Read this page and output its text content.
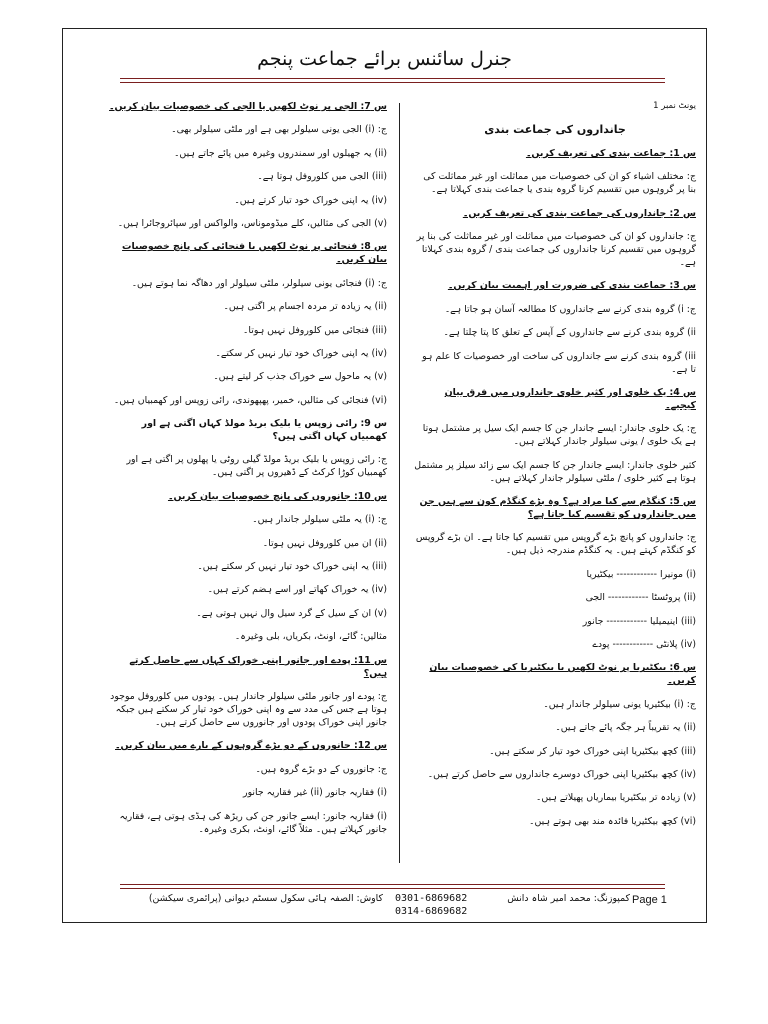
جنرل سائنس برائے جماعت پنجم

یونٹ نمبر 1

جانداروں کی جماعت بندی

س 1: جماعت بندی کی تعریف کریں۔

ج: مختلف اشیاء کو ان کی خصوصیات میں مماثلت اور غیر مماثلت کی بنا پر گروہوں میں تقسیم کرنا گروہ بندی یا جماعت بندی کہلاتا ہے۔

س 2: جانداروں کی جماعت بندی کی تعریف کریں۔

ج: جانداروں کو ان کی خصوصیات میں مماثلت اور غیر مماثلت کی بنا پر گروہوں میں تقسیم کرنا جانداروں کی جماعت بندی / گروہ بندی کہلاتا ہے۔

س 3: جماعت بندی کی ضرورت اور اہمیت بیان کریں۔

ج: i) گروہ بندی کرنے سے جانداروں کا مطالعہ آسان ہو جاتا ہے۔

ii) گروہ بندی کرنے سے جانداروں کے آپس کے تعلق کا پتا چلتا ہے۔

iii) گروہ بندی کرنے سے جانداروں کی ساخت اور خصوصیات کا علم ہو تا ہے۔

س 4: یک خلوی اور کثیر خلوی جانداروں میں فرق بیان کیجیے۔

ج: یک خلوی جاندار: ایسے جاندار جن کا جسم ایک سیل پر مشتمل ہوتا ہے یک خلوی / یونی سیلولر جاندار کہلاتے ہیں۔

کثیر خلوی جاندار: ایسے جاندار جن کا جسم ایک سے زائد سیلز پر مشتمل ہوتا ہے کثیر خلوی / ملٹی سیلولر جاندار کہلاتے ہیں۔

س 5: کنگڈم سے کیا مراد ہے؟ وہ بڑے کنگڈم کون سے ہیں جن میں جانداروں کو تقسیم کیا جاتا ہے؟

ج: جانداروں کو پانچ بڑے گروپس میں تقسیم کیا جاتا ہے۔ ان بڑے گروپس کو کنگڈم کہتے ہیں۔ یہ کنگڈم مندرجہ ذیل ہیں۔

(i) مونیرا ------------ بیکٹیریا

(ii) پروٹسٹا ------------ الجی

(iii) اینیمیلیا ------------ جانور

(iv) پلانٹی ------------ پودے

س 6: بیکٹیریا پر نوٹ لکھیں یا بیکٹیریا کی خصوصیات بیان کریں۔

ج: (i) بیکٹیریا یونی سیلولر جاندار ہیں۔

(ii) یہ تقریباً ہر جگہ پائے جاتے ہیں۔

(iii) کچھ بیکٹیریا اپنی خوراک خود تیار کر سکتے ہیں۔

(iv) کچھ بیکٹیریا اپنی خوراک دوسرے جانداروں سے حاصل کرتے ہیں۔

(v) زیادہ تر بیکٹیریا بیماریاں پھیلاتے ہیں۔

(vi) کچھ بیکٹیریا فائدہ مند بھی ہوتے ہیں۔

س 7: الجی پر نوٹ لکھیں یا الجی کی خصوصیات بیان کریں۔

ج: (i) الجی یونی سیلولر بھی ہے اور ملٹی سیلولر بھی۔

(ii) یہ جھیلوں اور سمندروں وغیرہ میں پائے جاتے ہیں۔

(iii) الجی میں کلوروفل ہوتا ہے۔

(iv) یہ اپنی خوراک خود تیار کرتے ہیں۔

(v) الجی کی مثالیں، کلے میڈوموناس، والواکس اور سپائروجائرا ہیں۔

س 8: فنجائی پر نوٹ لکھیں یا فنجائی کی پانچ خصوصیات بیان کریں۔

ج: (i) فنجائی یونی سیلولر، ملٹی سیلولر اور دھاگہ نما ہوتے ہیں۔

(ii) یہ زیادہ تر مردہ اجسام پر اگتی ہیں۔

(iii) فنجائی میں کلوروفل نہیں ہوتا۔

(iv) یہ اپنی خوراک خود تیار نہیں کر سکتے۔

(v) یہ ماحول سے خوراک جذب کر لیتے ہیں۔

(vi) فنجائی کی مثالیں، خمیر، پھپھوندی، رائی زوپس اور کھمبیاں ہیں۔

س 9: رائی زوپس یا بلیک بریڈ مولڈ کہاں اگتی ہے اور کھمبیاں کہاں اگتی ہیں؟

ج: رائی زوپس یا بلیک بریڈ مولڈ گیلی روٹی یا پھلوں پر اگتی ہے اور کھمبیاں کوڑا کرکٹ کے ڈھیروں پر اگتی ہیں۔

س 10: جانوروں کی پانچ خصوصیات بیان کریں۔

ج: (i) یہ ملٹی سیلولر جاندار ہیں۔

(ii) ان میں کلوروفل نہیں ہوتا۔

(iii) یہ اپنی خوراک خود تیار نہیں کر سکتے ہیں۔

(iv) یہ خوراک کھاتے اور اسے ہضم کرتے ہیں۔

(v) ان کے سیل کے گرد سیل وال نہیں ہوتی ہے۔

مثالیں: گائے، اونٹ، بکریاں، بلی وغیرہ۔

س 11: پودے اور جانور اپنی خوراک کہاں سے حاصل کرتے ہیں؟

ج: پودے اور جانور ملٹی سیلولر جاندار ہیں۔ پودوں میں کلوروفل موجود ہوتا ہے جس کی مدد سے وہ اپنی خوراک خود تیار کر سکتے ہیں جبکہ جانور اپنی خوراک پودوں اور جانوروں سے حاصل کرتے ہیں۔

س 12: جانوروں کے دو بڑے گروہوں کے بارے میں بیان کریں۔

ج: جانوروں کے دو بڑے گروہ ہیں۔

(i) فقاریہ جانور (ii) غیر فقاریہ جانور

(i) فقاریہ جانور: ایسے جانور جن کی ریڑھ کی ہڈی ہوتی ہے، فقاریہ جانور کہلاتے ہیں۔ مثلاً گائے، اونٹ، بکری وغیرہ۔

کمپوزنگ: محمد امیر شاہ دانش
0301-6869682
0314-6869682
کاوش: الصفہ ہائی سکول سسٹم دیوانی (پرائمری سیکشن)	Page 1
